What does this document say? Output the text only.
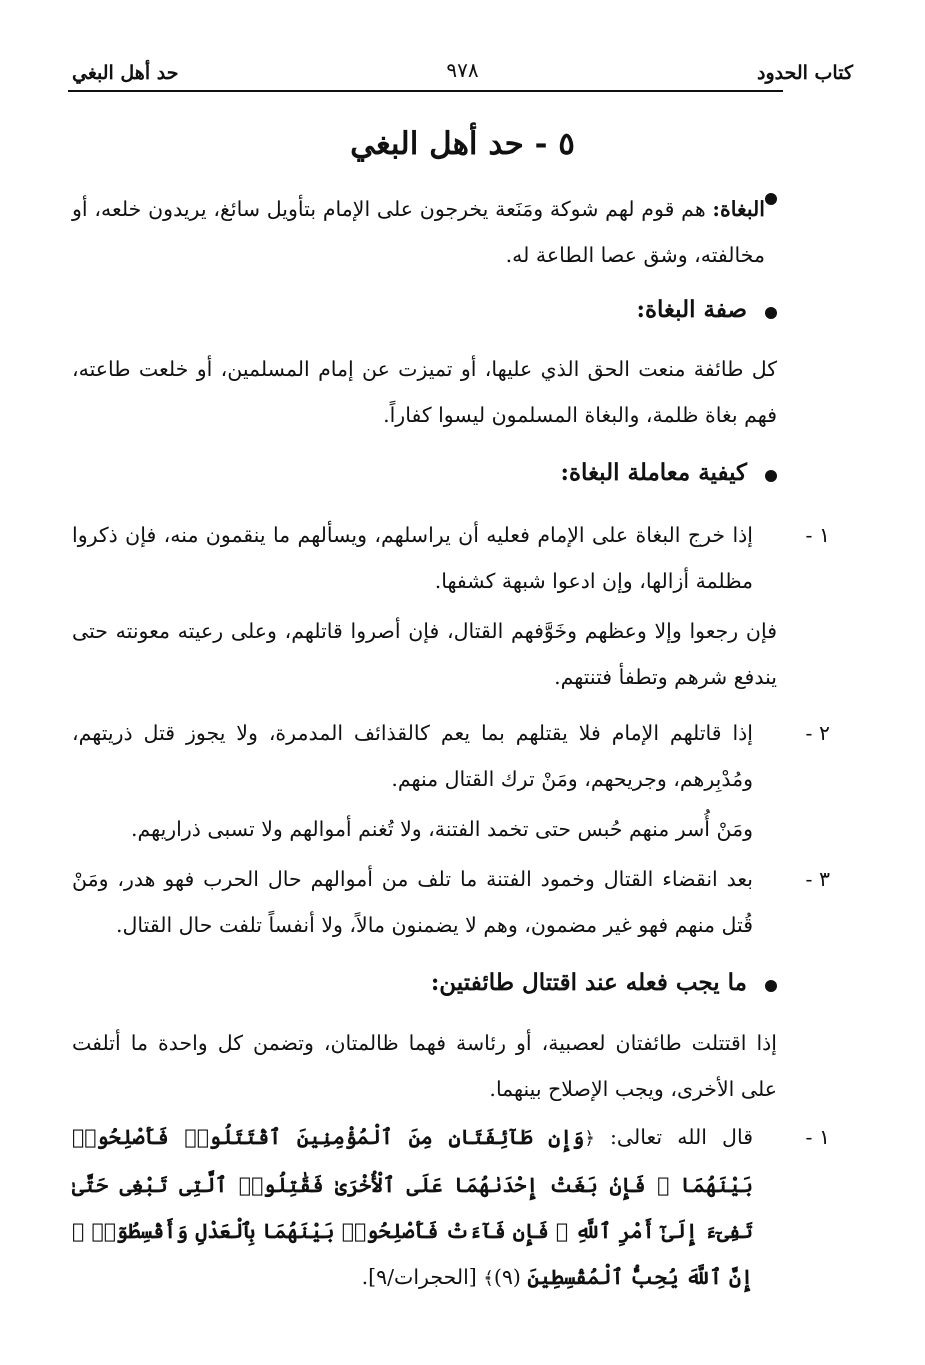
كتاب الحدود
٩٧٨
حد أهل البغي
٥ - حد أهل البغي
البغاة: هم قوم لهم شوكة ومَنَعة يخرجون على الإمام بتأويل سائغ، يريدون خلعه، أو مخالفته، وشق عصا الطاعة له.
صفة البغاة:
كل طائفة منعت الحق الذي عليها، أو تميزت عن إمام المسلمين، أو خلعت طاعته، فهم بغاة ظلمة، والبغاة المسلمون ليسوا كفاراً.
كيفية معاملة البغاة:
١ -
إذا خرج البغاة على الإمام فعليه أن يراسلهم، ويسألهم ما ينقمون منه، فإن ذكروا مظلمة أزالها، وإن ادعوا شبهة كشفها.
فإن رجعوا وإلا وعظهم وخَوَّفهم القتال، فإن أصروا قاتلهم، وعلى رعيته معونته حتى يندفع شرهم وتطفأ فتنتهم.
٢ -
إذا قاتلهم الإمام فلا يقتلهم بما يعم كالقذائف المدمرة، ولا يجوز قتل ذريتهم، ومُدْبِرهم، وجريحهم، ومَنْ ترك القتال منهم.
ومَنْ أُسر منهم حُبس حتى تخمد الفتنة، ولا تُغنم أموالهم ولا تسبى ذراريهم.
٣ -
بعد انقضاء القتال وخمود الفتنة ما تلف من أموالهم حال الحرب فهو هدر، ومَنْ قُتل منهم فهو غير مضمون، وهم لا يضمنون مالاً، ولا أنفساً تلفت حال القتال.
ما يجب فعله عند اقتتال طائفتين:
إذا اقتتلت طائفتان لعصبية، أو رئاسة فهما ظالمتان، وتضمن كل واحدة ما أتلفت على الأخرى، ويجب الإصلاح بينهما.
١ -
قال الله تعالى: ﴿وَإِن طَآئِفَتَانِ مِنَ ٱلْمُؤْمِنِينَ ٱقْتَتَلُوا۟ فَأَصْلِحُوا۟ بَيْنَهُمَا ۖ فَإِنۢ بَغَتْ إِحْدَىٰهُمَا عَلَى ٱلْأُخْرَىٰ فَقَٰتِلُوا۟ ٱلَّتِى تَبْغِى حَتَّىٰ تَفِىٓءَ إِلَىٰٓ أَمْرِ ٱللَّهِ ۚ فَإِن فَآءَتْ فَأَصْلِحُوا۟ بَيْنَهُمَا بِٱلْعَدْلِ وَأَقْسِطُوٓا۟ ۖ إِنَّ ٱللَّهَ يُحِبُّ ٱلْمُقْسِطِينَ (٩)﴾ [الحجرات/٩].
